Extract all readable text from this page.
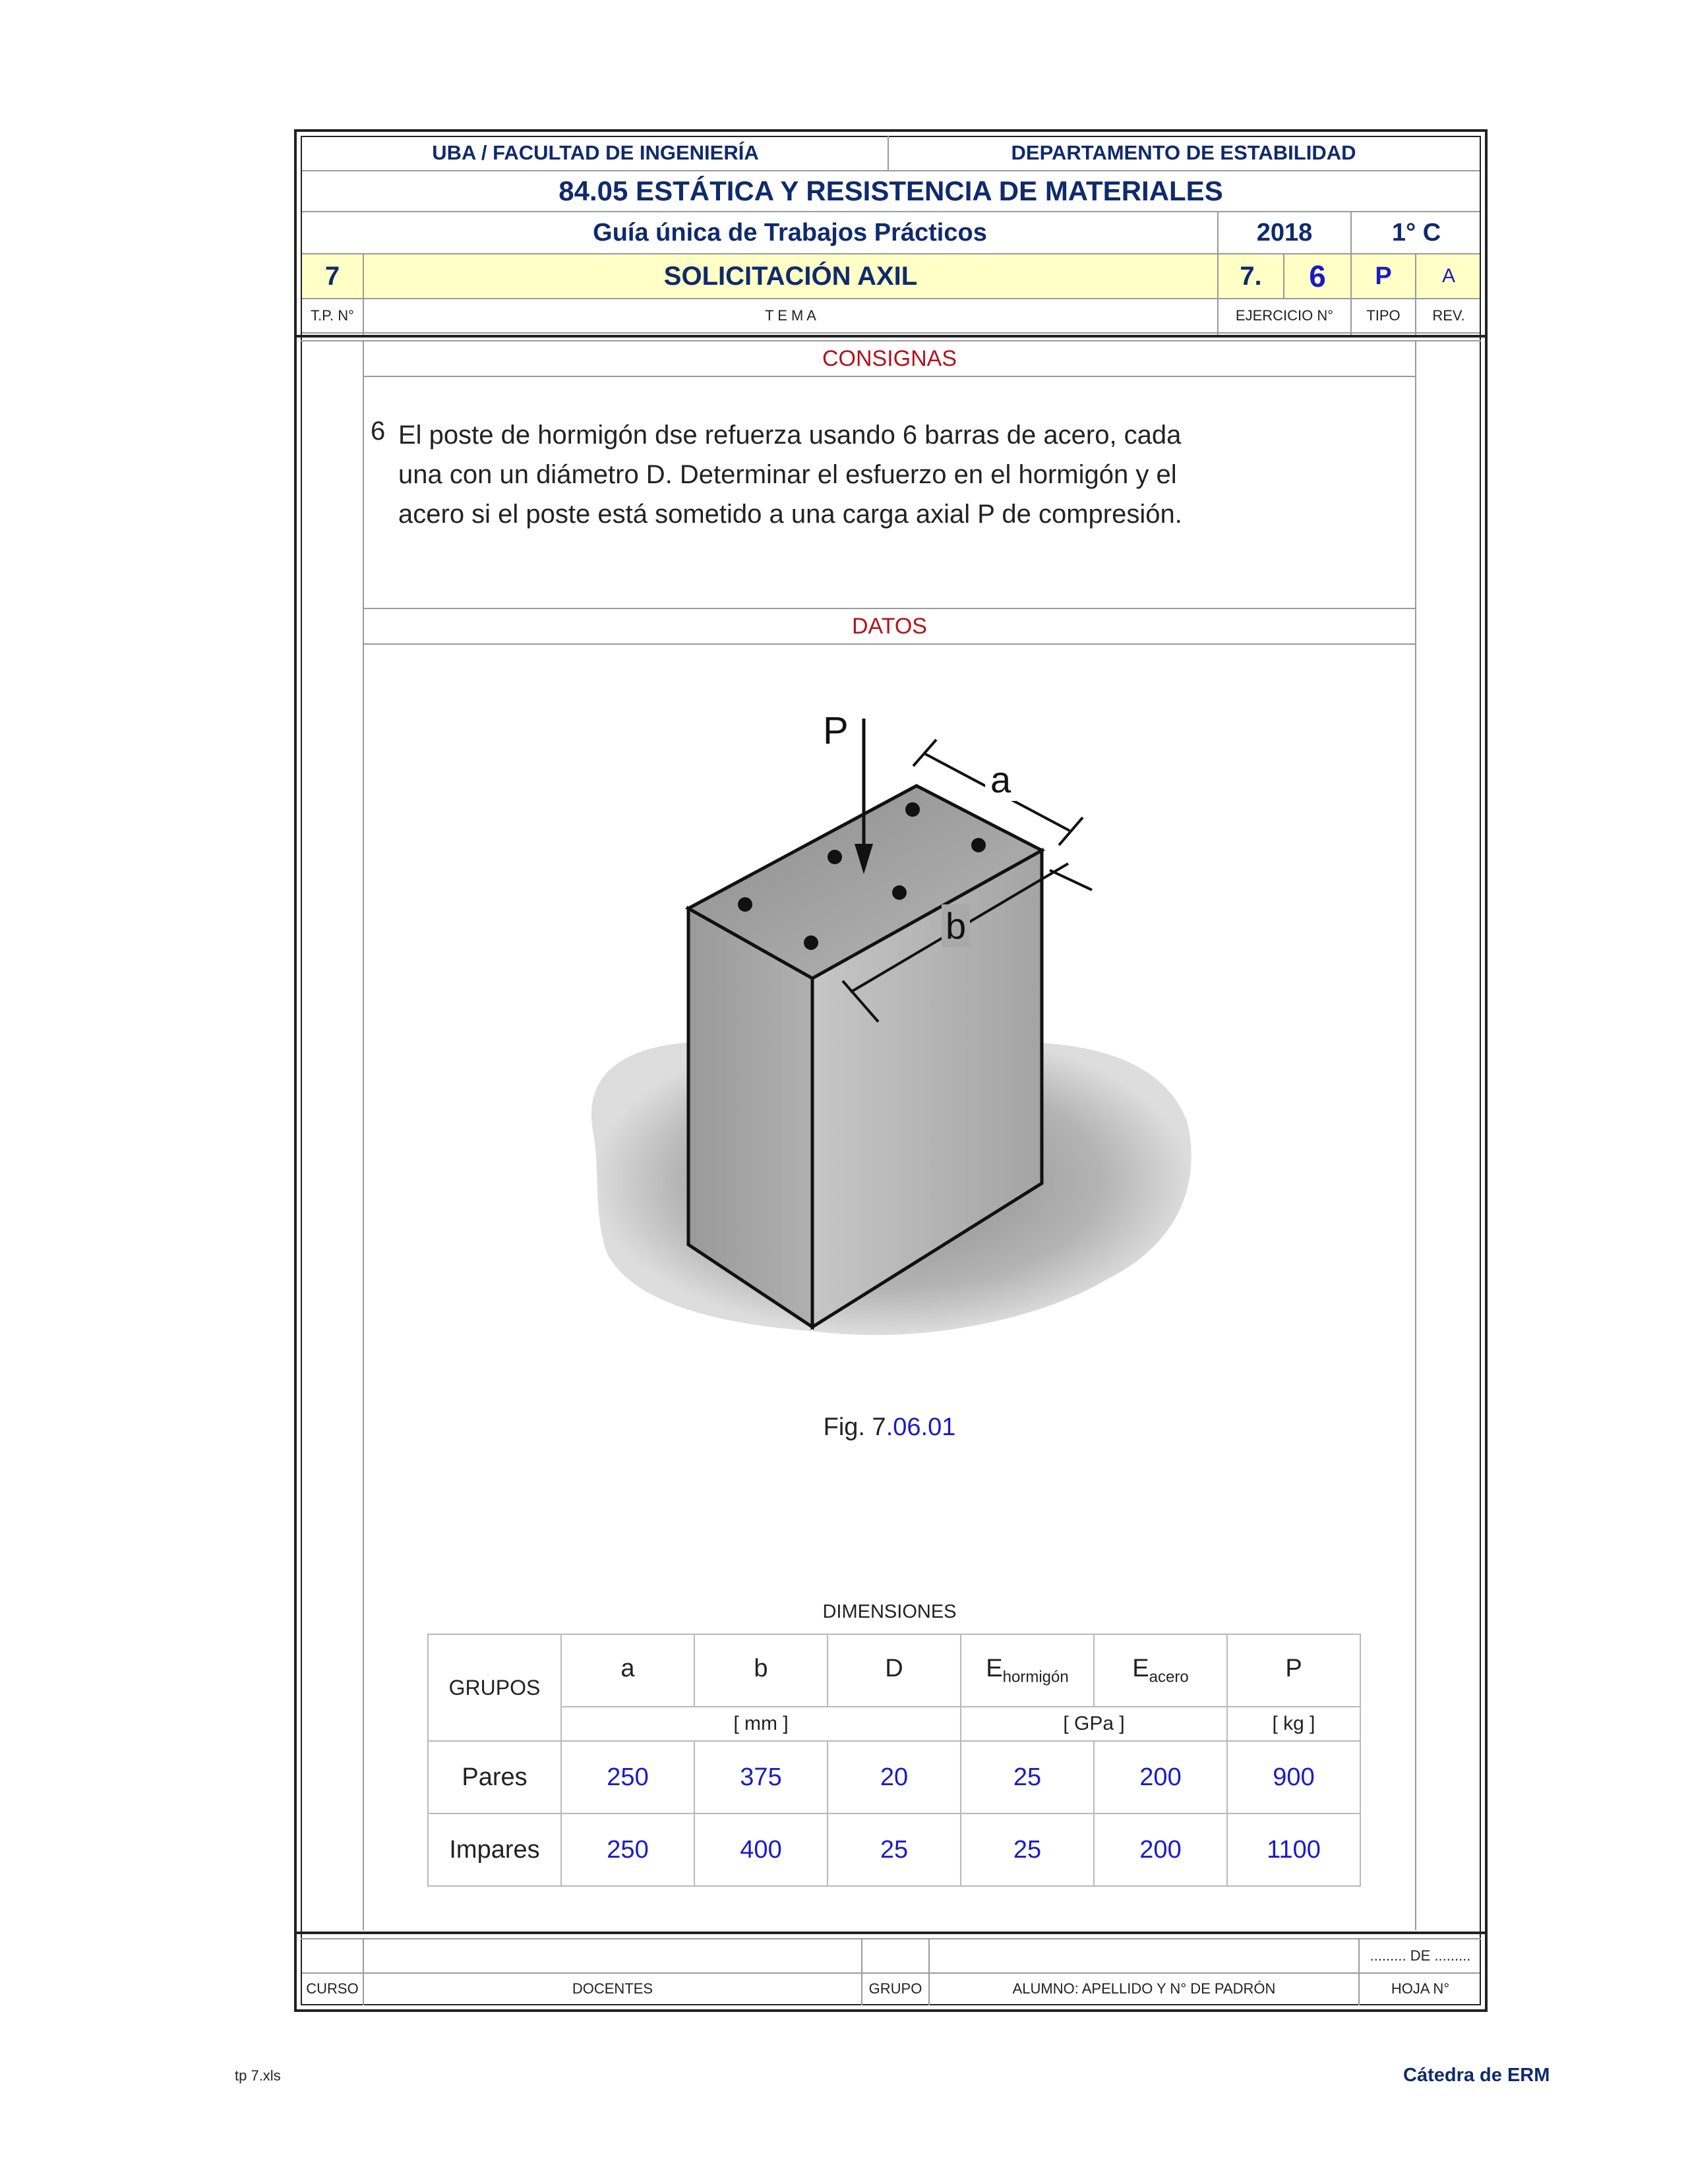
UBA / FACULTAD DE INGENIERÍA	DEPARTAMENTO DE ESTABILIDAD
84.05 ESTÁTICA Y RESISTENCIA DE MATERIALES
Guía única de Trabajos Prácticos	2018	1° C
7	SOLICITACIÓN AXIL	7.	6	P	A
T.P. N°	T E M A	EJERCICIO N°	TIPO	REV.
CONSIGNAS
6 El poste de hormigón dse refuerza usando 6 barras de acero, cada
una con un diámetro D. Determinar el esfuerzo en el hormigón y el
acero si el poste está sometido a una carga axial P de compresión.
DATOS
P
a
b
Fig. 7 .06.01
DIMENSIONES
GRUPOS	a	b	D	$E_{hormigón}$	$E_{acero}$	P
	[ mm ]			[ GPa ]		[ kg ]
Pares	250	375	20	25	200	900
Impares	250	400	25	25	200	1100
......... DE .........
CURSO	DOCENTES	GRUPO	ALUMNO: APELLIDO Y N° DE PADRÓN	HOJA N°
tp 7.xls	Cátedra de ERM
